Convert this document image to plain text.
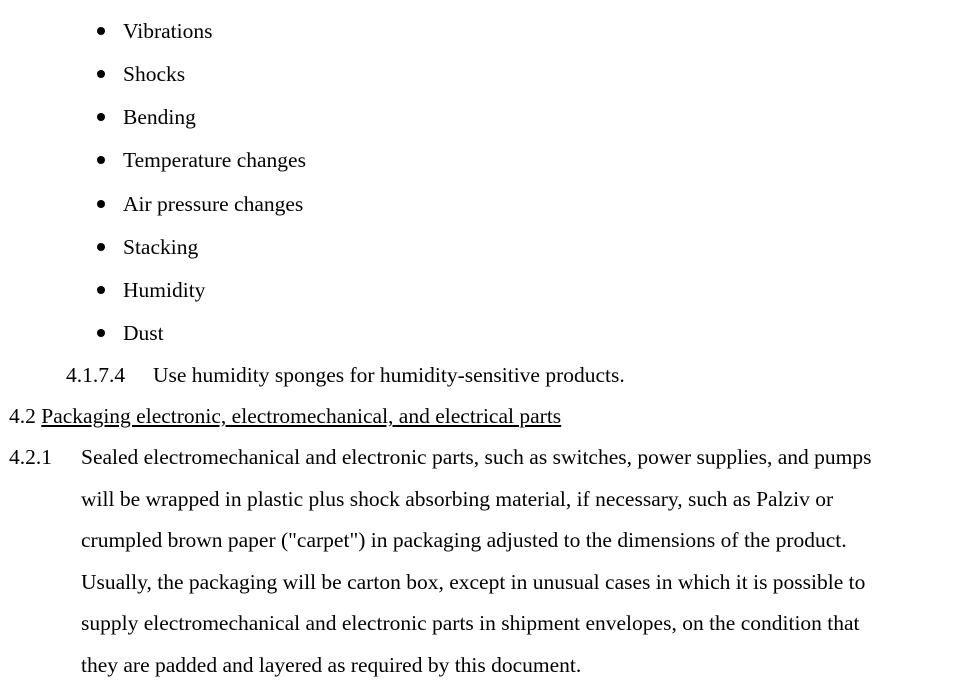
Vibrations
Shocks
Bending
Temperature changes
Air pressure changes
Stacking
Humidity
Dust
4.1.7.4 Use humidity sponges for humidity-sensitive products.
4.2 Packaging electronic, electromechanical, and electrical parts
4.2.1 Sealed electromechanical and electronic parts, such as switches, power supplies, and pumps
will be wrapped in plastic plus shock absorbing material, if necessary, such as Palziv or
crumpled brown paper ("carpet") in packaging adjusted to the dimensions of the product.
Usually, the packaging will be carton box, except in unusual cases in which it is possible to
supply electromechanical and electronic parts in shipment envelopes, on the condition that
they are padded and layered as required by this document.
